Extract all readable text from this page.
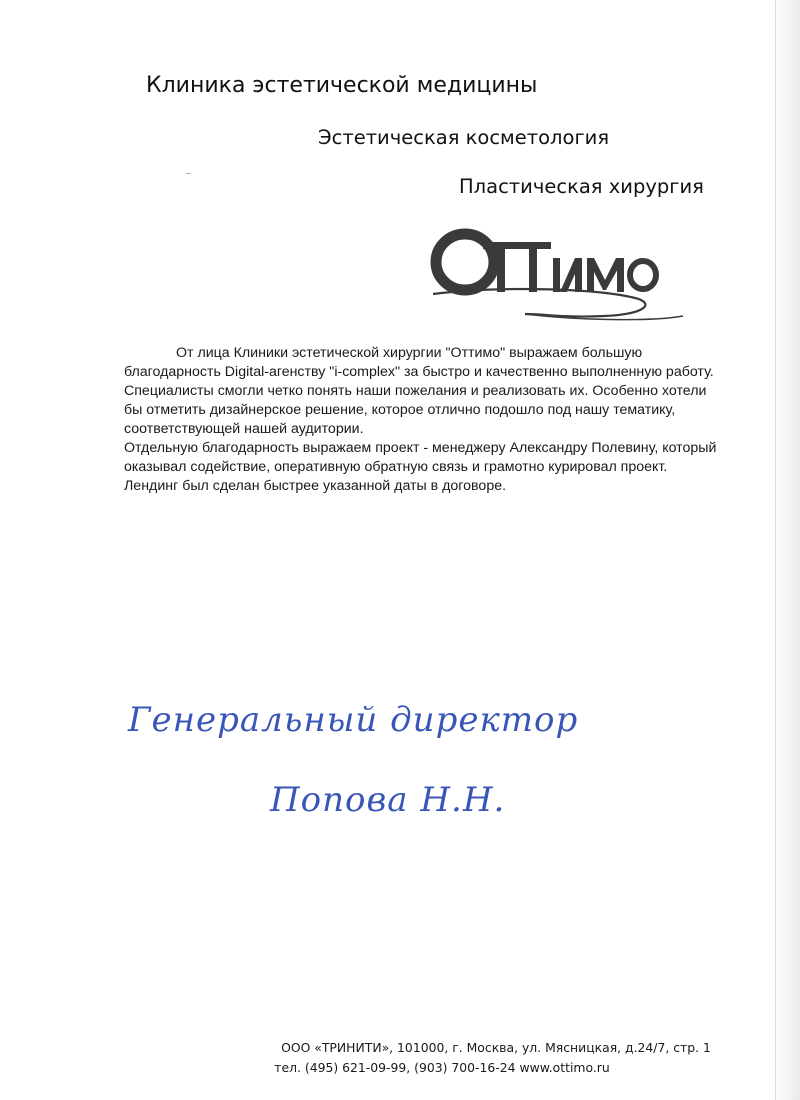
Клиника эстетической медицины
Эстетическая косметология
Пластическая хирургия

От лица Клиники эстетической хирургии "Оттимо" выражаем большую благодарность Digital-агенству "i-complex" за быстро и качественно выполненную работу.

Специалисты смогли четко понять наши пожелания и реализовать их. Особенно хотели бы отметить дизайнерское решение, которое отлично подошло под нашу тематику, соответствующей нашей аудитории.

Отдельную благодарность выражаем проект - менеджеру Александру Полевину, который оказывал содействие, оперативную обратную связь и грамотно курировал проект.

Лендинг был сделан быстрее указанной даты в договоре.

Генеральный директор
Попова Н.Н.
ООО «ТРИНИТИ», 101000, г. Москва, ул. Мясницкая, д.24/7, стр. 1
тел. (495) 621-09-99, (903) 700-16-24 www.ottimo.ru
